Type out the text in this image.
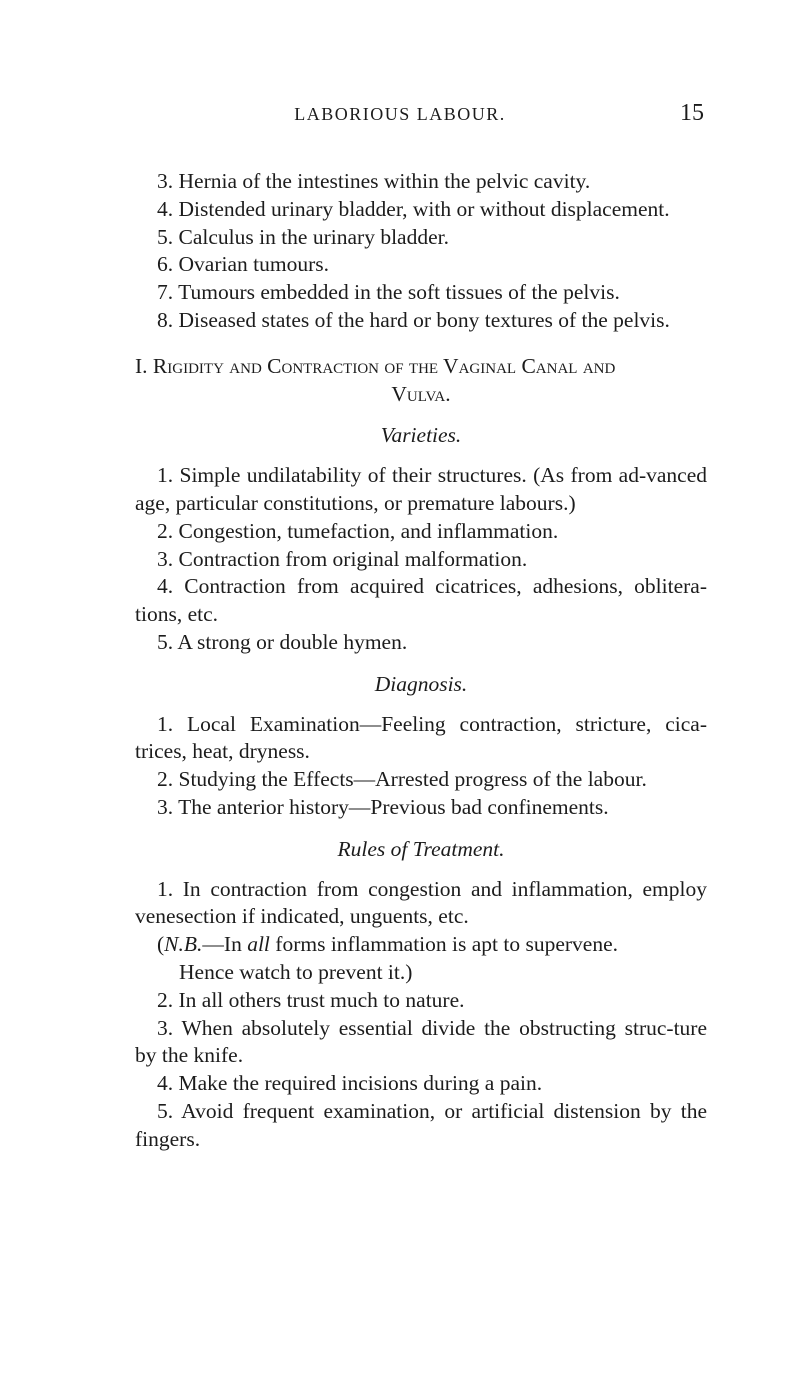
LABORIOUS LABOUR.	15

3. Hernia of the intestines within the pelvic cavity.

4. Distended urinary bladder, with or without displacement.

5. Calculus in the urinary bladder.

6. Ovarian tumours.

7. Tumours embedded in the soft tissues of the pelvis.

8. Diseased states of the hard or bony textures of the pelvis.

I. Rigidity and Contraction of the Vaginal Canal and

Vulva.

Varieties.

1. Simple undilatability of their structures. (As from ad-vanced age, particular constitutions, or premature labours.)

2. Congestion, tumefaction, and inflammation.

3. Contraction from original malformation.

4. Contraction from acquired cicatrices, adhesions, oblitera-tions, etc.

5. A strong or double hymen.

Diagnosis.

1. Local Examination—Feeling contraction, stricture, cica-trices, heat, dryness.

2. Studying the Effects—Arrested progress of the labour.

3. The anterior history—Previous bad confinements.

Rules of Treatment.

1. In contraction from congestion and inflammation, employ venesection if indicated, unguents, etc.

(N.B.—In all forms inflammation is apt to supervene.

Hence watch to prevent it.)

2. In all others trust much to nature.

3. When absolutely essential divide the obstructing struc-ture by the knife.

4. Make the required incisions during a pain.

5. Avoid frequent examination, or artificial distension by the fingers.
